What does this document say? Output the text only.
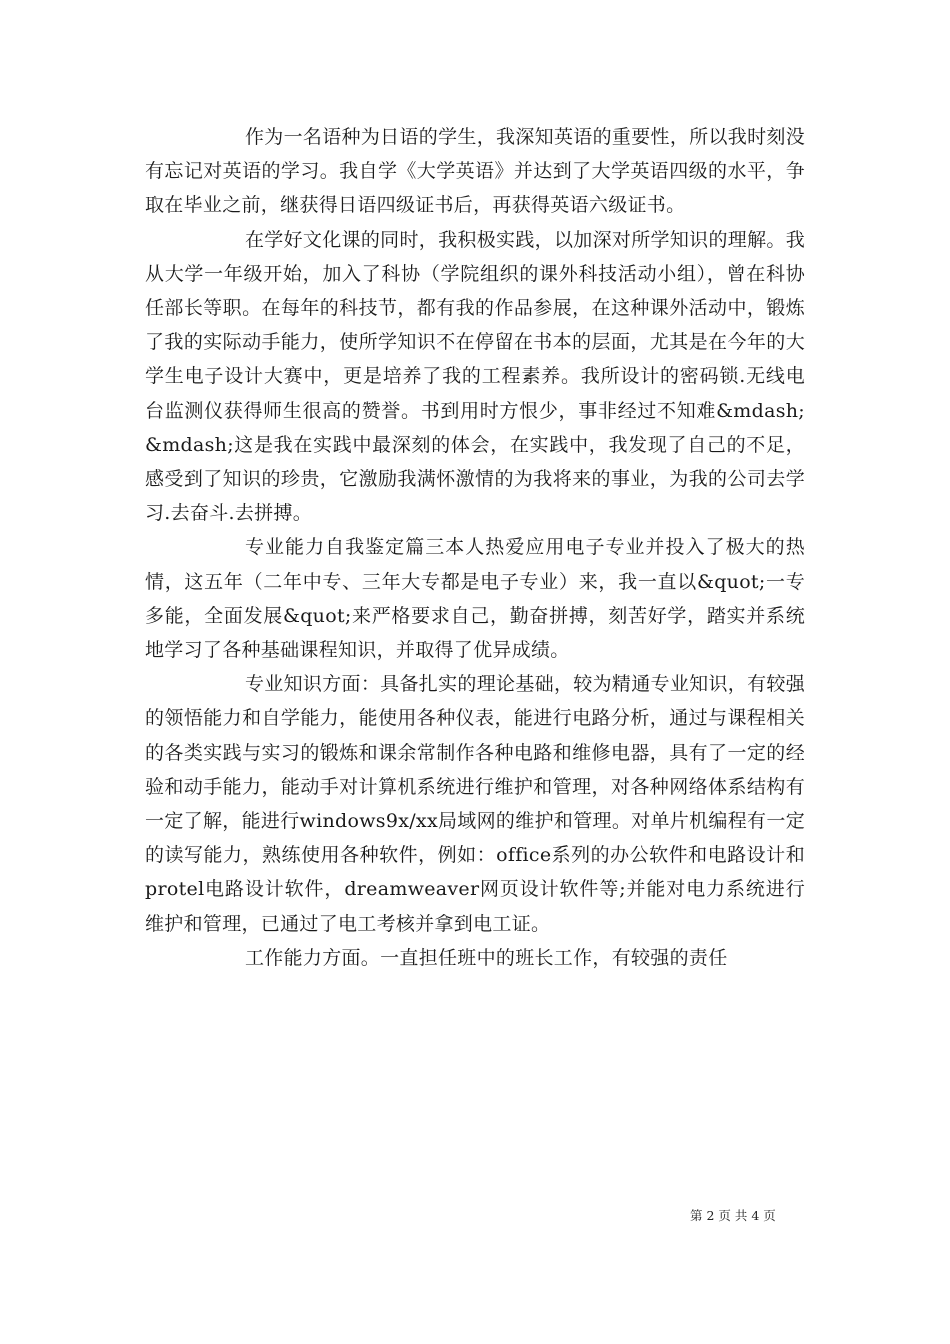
作为一名语种为日语的学生，我深知英语的重要性，所以我时刻没有忘记对英语的学习。我自学《大学英语》并达到了大学英语四级的水平，争取在毕业之前，继获得日语四级证书后，再获得英语六级证书。

在学好文化课的同时，我积极实践，以加深对所学知识的理解。我从大学一年级开始，加入了科协（学院组织的课外科技活动小组），曾在科协任部长等职。在每年的科技节，都有我的作品参展，在这种课外活动中，锻炼了我的实际动手能力，使所学知识不在停留在书本的层面，尤其是在今年的大学生电子设计大赛中，更是培养了我的工程素养。我所设计的密码锁.无线电台监测仪获得师生很高的赞誉。书到用时方恨少，事非经过不知难&mdash;&mdash;这是我在实践中最深刻的体会，在实践中，我发现了自己的不足，感受到了知识的珍贵，它激励我满怀激情的为我将来的事业，为我的公司去学习.去奋斗.去拼搏。

专业能力自我鉴定篇三本人热爱应用电子专业并投入了极大的热情，这五年（二年中专、三年大专都是电子专业）来，我一直以&quot;一专多能，全面发展&quot;来严格要求自己，勤奋拼搏，刻苦好学，踏实并系统地学习了各种基础课程知识，并取得了优异成绩。

专业知识方面：具备扎实的理论基础，较为精通专业知识，有较强的领悟能力和自学能力，能使用各种仪表，能进行电路分析，通过与课程相关的各类实践与实习的锻炼和课余常制作各种电路和维修电器，具有了一定的经验和动手能力，能动手对计算机系统进行维护和管理，对各种网络体系结构有一定了解，能进行windows9x/xx局域网的维护和管理。对单片机编程有一定的读写能力，熟练使用各种软件，例如：office系列的办公软件和电路设计和protel电路设计软件，dreamweaver网页设计软件等;并能对电力系统进行维护和管理，已通过了电工考核并拿到电工证。

工作能力方面。一直担任班中的班长工作，有较强的责任

第 2 页 共 4 页
